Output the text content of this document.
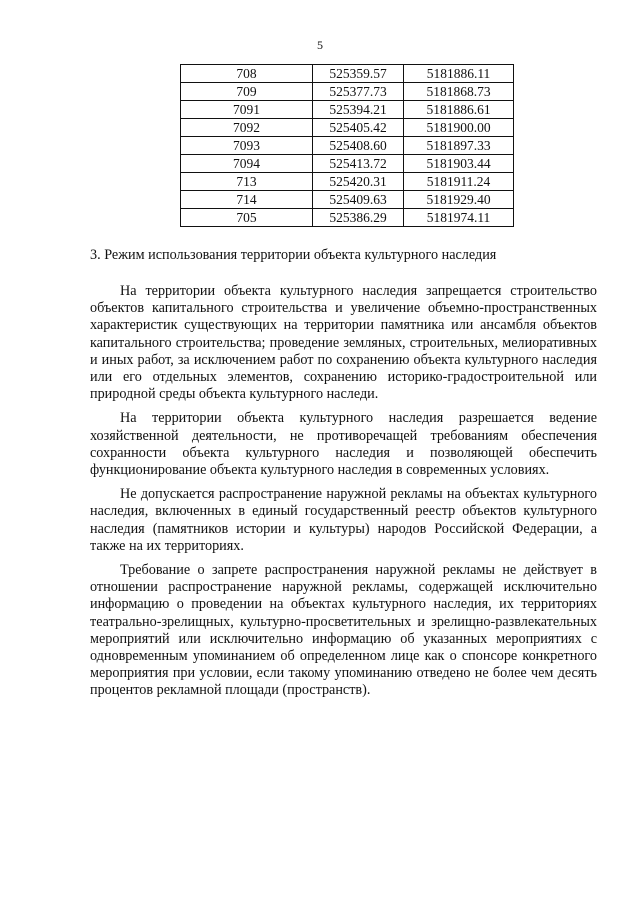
5
708	525359.57	5181886.11
709	525377.73	5181868.73
7091	525394.21	5181886.61
7092	525405.42	5181900.00
7093	525408.60	5181897.33
7094	525413.72	5181903.44
713	525420.31	5181911.24
714	525409.63	5181929.40
705	525386.29	5181974.11
3. Режим использования территории объекта культурного наследия

На территории объекта культурного наследия запрещается строительство объектов капитального строительства и увеличение объемно-пространственных характеристик существующих на территории памятника или ансамбля объектов капитального строительства; проведение земляных, строительных, мелиоративных и иных работ, за исключением работ по сохранению объекта культурного наследия или его отдельных элементов, сохранению историко-градостроительной или природной среды объекта культурного наследи.

На территории объекта культурного наследия разрешается ведение хозяйственной деятельности, не противоречащей требованиям обеспечения сохранности объекта культурного наследия и позволяющей обеспечить функционирование объекта культурного наследия в современных условиях.

Не допускается распространение наружной рекламы на объектах культурного наследия, включенных в единый государственный реестр объектов культурного наследия (памятников истории и культуры) народов Российской Федерации, а также на их территориях.

Требование о запрете распространения наружной рекламы не действует в отношении распространение наружной рекламы, содержащей исключительно информацию о проведении на объектах культурного наследия, их территориях театрально-зрелищных, культурно-просветительных и зрелищно-развлекательных мероприятий или исключительно информацию об указанных мероприятиях с одновременным упоминанием об определенном лице как о спонсоре конкретного мероприятия при условии, если такому упоминанию отведено не более чем десять процентов рекламной площади (пространств).
